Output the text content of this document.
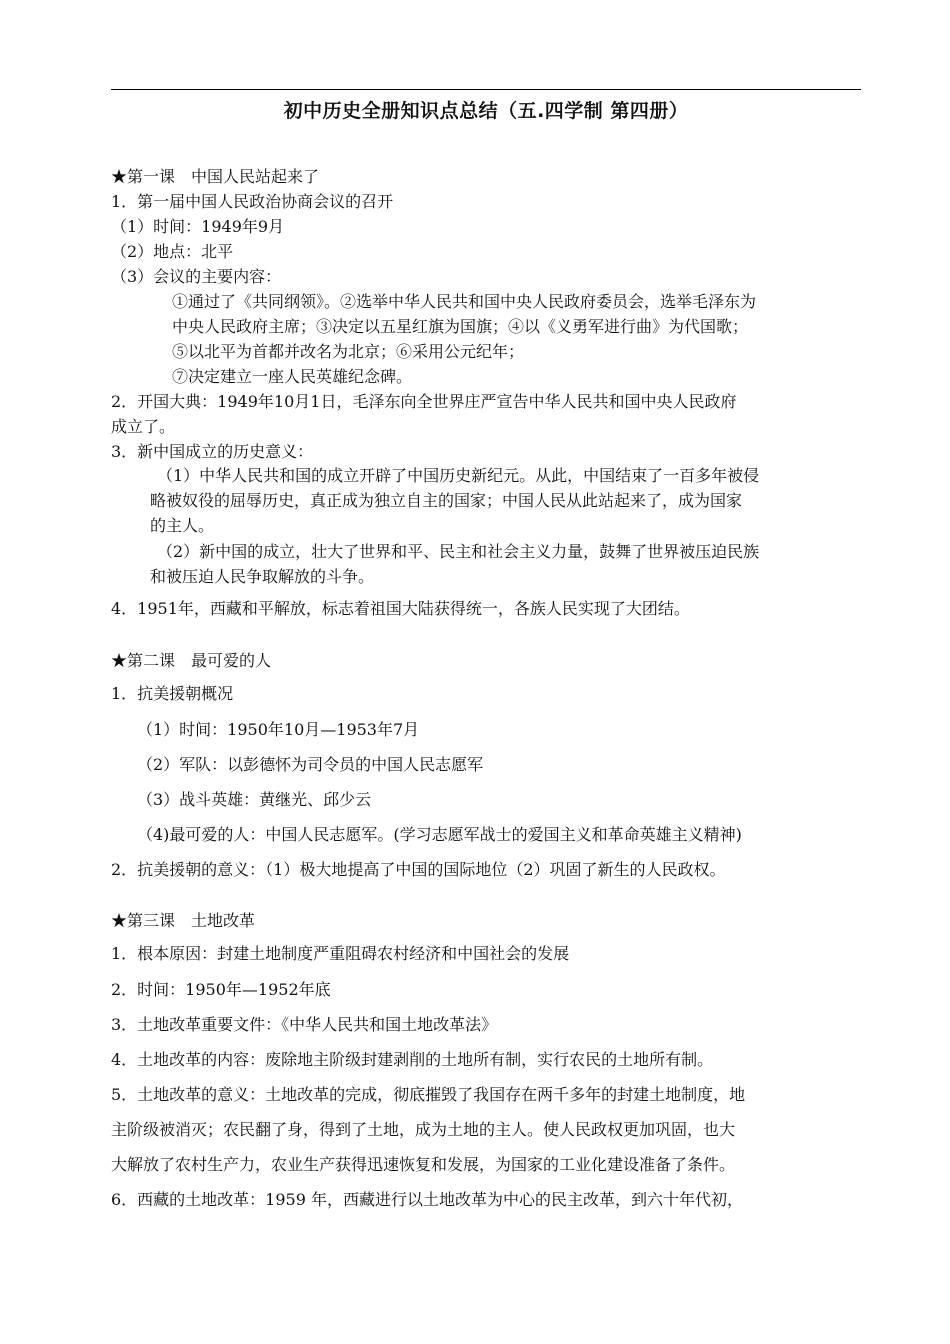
初中历史全册知识点总结（五.四学制 第四册）
★第一课　中国人民站起来了
1．第一届中国人民政治协商会议的召开
（1）时间：1949年9月
（2）地点：北平
（3）会议的主要内容：
①通过了《共同纲领》。②选举中华人民共和国中央人民政府委员会，选举毛泽东为
中央人民政府主席；③决定以五星红旗为国旗；④以《义勇军进行曲》为代国歌；
⑤以北平为首都并改名为北京；⑥采用公元纪年；
⑦决定建立一座人民英雄纪念碑。
2．开国大典：1949年10月1日，毛泽东向全世界庄严宣告中华人民共和国中央人民政府
成立了。
3．新中国成立的历史意义：
（1）中华人民共和国的成立开辟了中国历史新纪元。从此，中国结束了一百多年被侵
略被奴役的屈辱历史，真正成为独立自主的国家；中国人民从此站起来了，成为国家
的主人。
（2）新中国的成立，壮大了世界和平、民主和社会主义力量，鼓舞了世界被压迫民族
和被压迫人民争取解放的斗争。
4．1951年，西藏和平解放，标志着祖国大陆获得统一，各族人民实现了大团结。
★第二课　最可爱的人
1．抗美援朝概况
（1）时间：1950年10月—1953年7月
（2）军队：以彭德怀为司令员的中国人民志愿军
（3）战斗英雄：黄继光、邱少云
（4)最可爱的人：中国人民志愿军。(学习志愿军战士的爱国主义和革命英雄主义精神)
2．抗美援朝的意义：（1）极大地提高了中国的国际地位（2）巩固了新生的人民政权。
★第三课　土地改革
1．根本原因：封建土地制度严重阻碍农村经济和中国社会的发展
2．时间：1950年—1952年底
3．土地改革重要文件：《中华人民共和国土地改革法》
4．土地改革的内容：废除地主阶级封建剥削的土地所有制，实行农民的土地所有制。
5．土地改革的意义：土地改革的完成，彻底摧毁了我国存在两千多年的封建土地制度，地
主阶级被消灭；农民翻了身，得到了土地，成为土地的主人。使人民政权更加巩固，也大
大解放了农村生产力，农业生产获得迅速恢复和发展，为国家的工业化建设准备了条件。
6．西藏的土地改革：1959 年，西藏进行以土地改革为中心的民主改革，到六十年代初，
